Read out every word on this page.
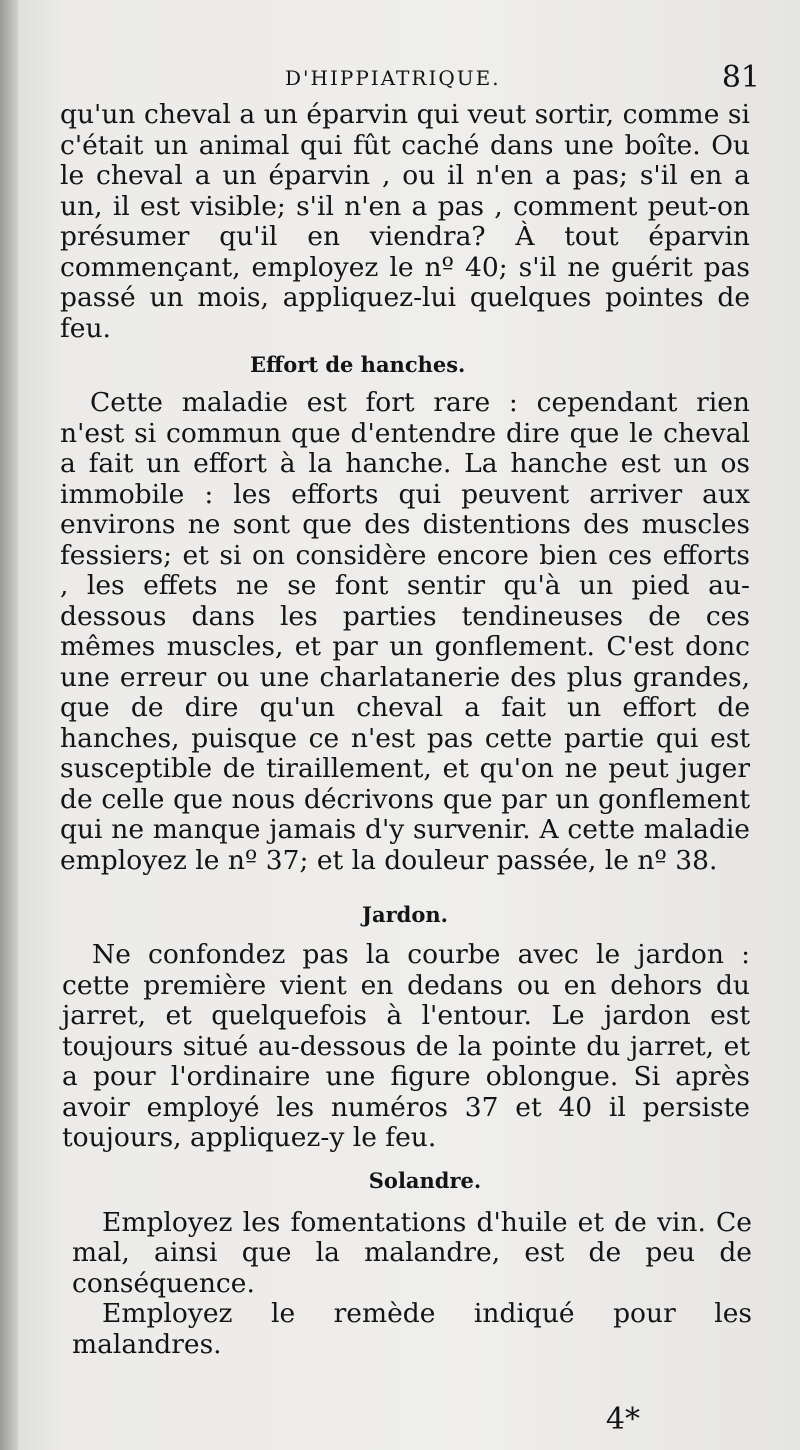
D'HIPPIATRIQUE.	81

qu'un cheval a un éparvin qui veut sortir, comme si c'était un animal qui fût caché dans une boîte. Ou le cheval a un éparvin , ou il n'en a pas; s'il en a un, il est visible; s'il n'en a pas , comment peut-on présumer qu'il en viendra? À tout éparvin commençant, employez le nº 40; s'il ne guérit pas passé un mois, appliquez-lui quelques pointes de feu.

Effort de hanches.

Cette maladie est fort rare : cependant rien n'est si commun que d'entendre dire que le cheval a fait un effort à la hanche. La hanche est un os immobile : les efforts qui peuvent arriver aux environs ne sont que des distentions des muscles fessiers; et si on considère encore bien ces efforts , les effets ne se font sentir qu'à un pied au-dessous dans les parties tendineuses de ces mêmes muscles, et par un gonflement. C'est donc une erreur ou une charlatanerie des plus grandes, que de dire qu'un cheval a fait un effort de hanches, puisque ce n'est pas cette partie qui est susceptible de tiraillement, et qu'on ne peut juger de celle que nous décrivons que par un gonflement qui ne manque jamais d'y survenir. A cette maladie employez le nº 37; et la douleur passée, le nº 38.

Jardon.

Ne confondez pas la courbe avec le jardon : cette première vient en dedans ou en dehors du jarret, et quelquefois à l'entour. Le jardon est toujours situé au-dessous de la pointe du jarret, et a pour l'ordinaire une figure oblongue. Si après avoir employé les numéros 37 et 40 il persiste toujours, appliquez-y le feu.

Solandre.

Employez les fomentations d'huile et de vin. Ce mal, ainsi que la malandre, est de peu de conséquence.

Employez le remède indiqué pour les malandres.

4*
